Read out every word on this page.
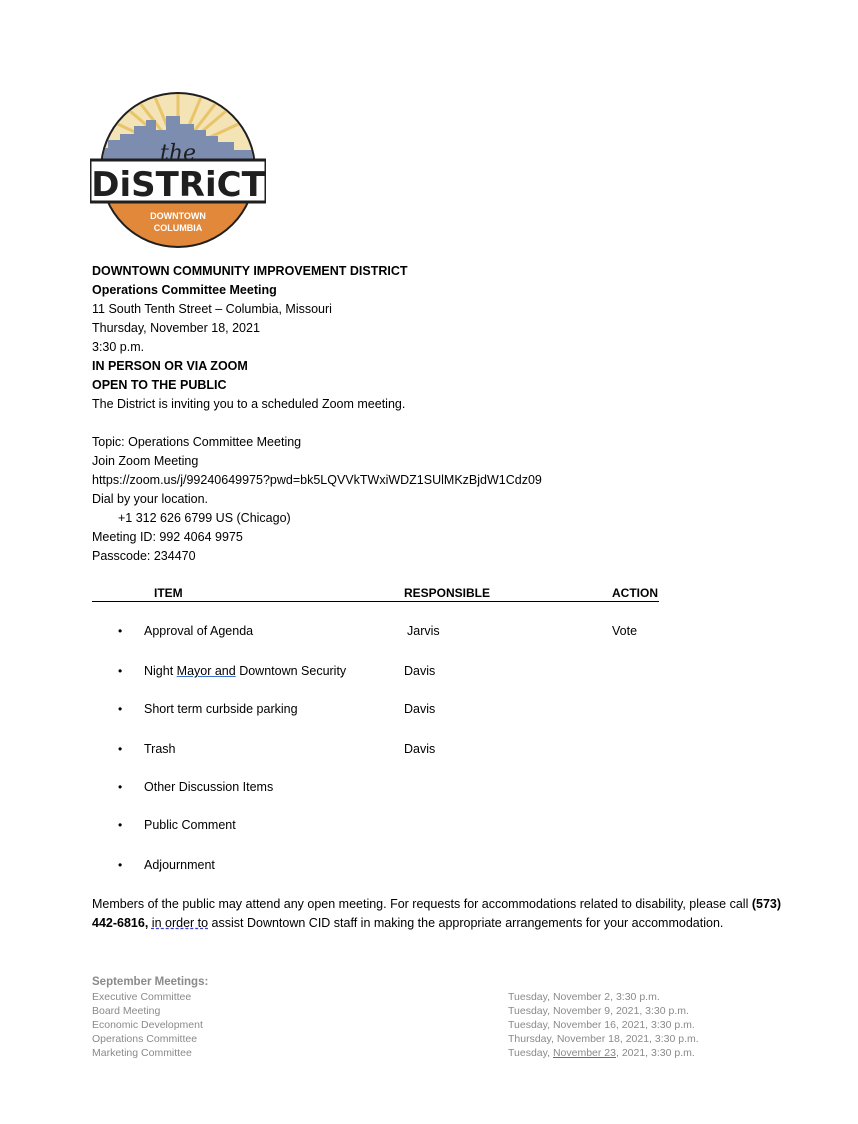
the
DiSTRiCT
DOWNTOWN
COLUMBIA
DOWNTOWN COMMUNITY IMPROVEMENT DISTRICT
Operations Committee Meeting
11 South Tenth Street – Columbia, Missouri
Thursday, November 18, 2021
3:30 p.m.
IN PERSON OR VIA ZOOM
OPEN TO THE PUBLIC
The District is inviting you to a scheduled Zoom meeting.
Topic: Operations Committee Meeting
Join Zoom Meeting
https://zoom.us/j/99240649975?pwd=bk5LQVVkTWxiWDZ1SUlMKzBjdW1Cdz09
Dial by your location.
+1 312 626 6799 US (Chicago)
Meeting ID: 992 4064 9975
Passcode: 234470
ITEM	RESPONSIBLE	ACTION
• Approval of Agenda	Jarvis	Vote
• Night Mayor and Downtown Security	Davis
• Short term curbside parking	Davis
• Trash	Davis
• Other Discussion Items
• Public Comment
• Adjournment
Members of the public may attend any open meeting. For requests for accommodations related to disability, please call (573) 442-6816, in order to assist Downtown CID staff in making the appropriate arrangements for your accommodation.
September Meetings:
Executive Committee	Tuesday, November 2, 3:30 p.m.
Board Meeting	Tuesday, November 9, 2021, 3:30 p.m.
Economic Development	Tuesday, November 16, 2021, 3:30 p.m.
Operations Committee	Thursday, November 18, 2021, 3:30 p.m.
Marketing Committee	Tuesday, November 23, 2021, 3:30 p.m.
